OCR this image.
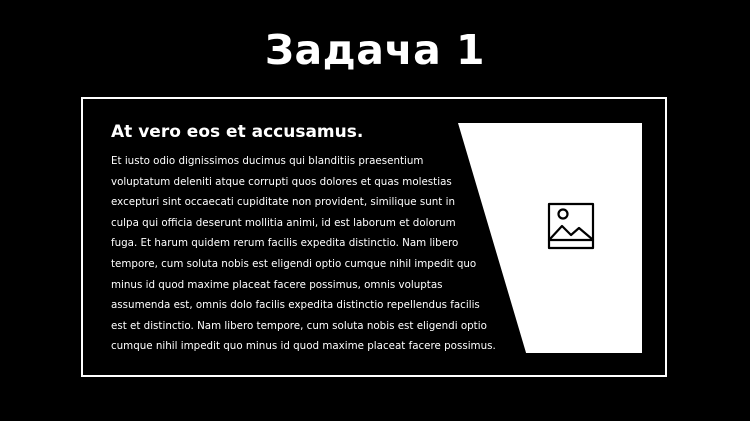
Задача 1
At vero eos et accusamus.

Et iusto odio dignissimos ducimus qui blanditiis praesentium
voluptatum deleniti atque corrupti quos dolores et quas molestias
excepturi sint occaecati cupiditate non provident, similique sunt in
culpa qui officia deserunt mollitia animi, id est laborum et dolorum
fuga. Et harum quidem rerum facilis expedita distinctio. Nam libero
tempore, cum soluta nobis est eligendi optio cumque nihil impedit quo
minus id quod maxime placeat facere possimus, omnis voluptas
assumenda est, omnis dolo facilis expedita distinctio repellendus facilis
est et distinctio. Nam libero tempore, cum soluta nobis est eligendi optio
cumque nihil impedit quo minus id quod maxime placeat facere possimus.
